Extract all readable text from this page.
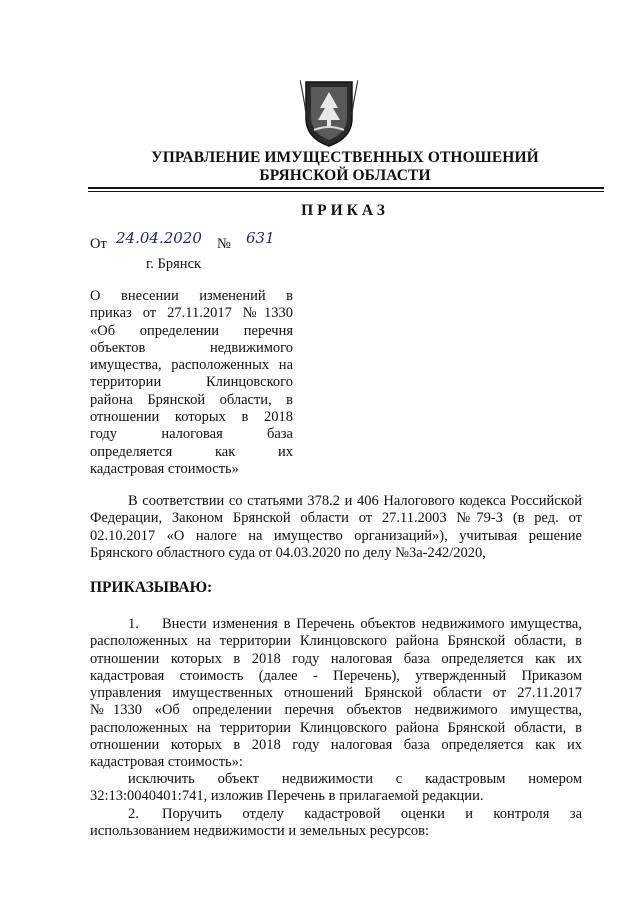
УПРАВЛЕНИЕ ИМУЩЕСТВЕННЫХ ОТНОШЕНИЙ
БРЯНСКОЙ ОБЛАСТИ
ПРИКАЗ
От 24.04.2020 № 631
г. Брянск
О внесении изменений в
приказ от 27.11.2017 №1330
«Об определении перечня
объектов недвижимого
имущества, расположенных на
территории Клинцовского
района Брянской области, в
отношении которых в 2018
году налоговая база
определяется как их
кадастровая стоимость»
В соответствии со статьями 378.2 и 406 Налогового кодекса Российской Федерации, Законом Брянской области от 27.11.2003 №79-З (в ред. от 02.10.2017 «О налоге на имущество организаций»), учитывая решение Брянского областного суда от 04.03.2020 по делу №3а-242/2020,
ПРИКАЗЫВАЮ:
1. Внести изменения в Перечень объектов недвижимого имущества, расположенных на территории Клинцовского района Брянской области, в отношении которых в 2018 году налоговая база определяется как их кадастровая стоимость (далее - Перечень), утвержденный Приказом управления имущественных отношений Брянской области от 27.11.2017 №1330 «Об определении перечня объектов недвижимого имущества, расположенных на территории Клинцовского района Брянской области, в отношении которых в 2018 году налоговая база определяется как их кадастровая стоимость»:
исключить объект недвижимости с кадастровым номером 32:13:0040401:741, изложив Перечень в прилагаемой редакции.
2. Поручить отделу кадастровой оценки и контроля за использованием недвижимости и земельных ресурсов:
